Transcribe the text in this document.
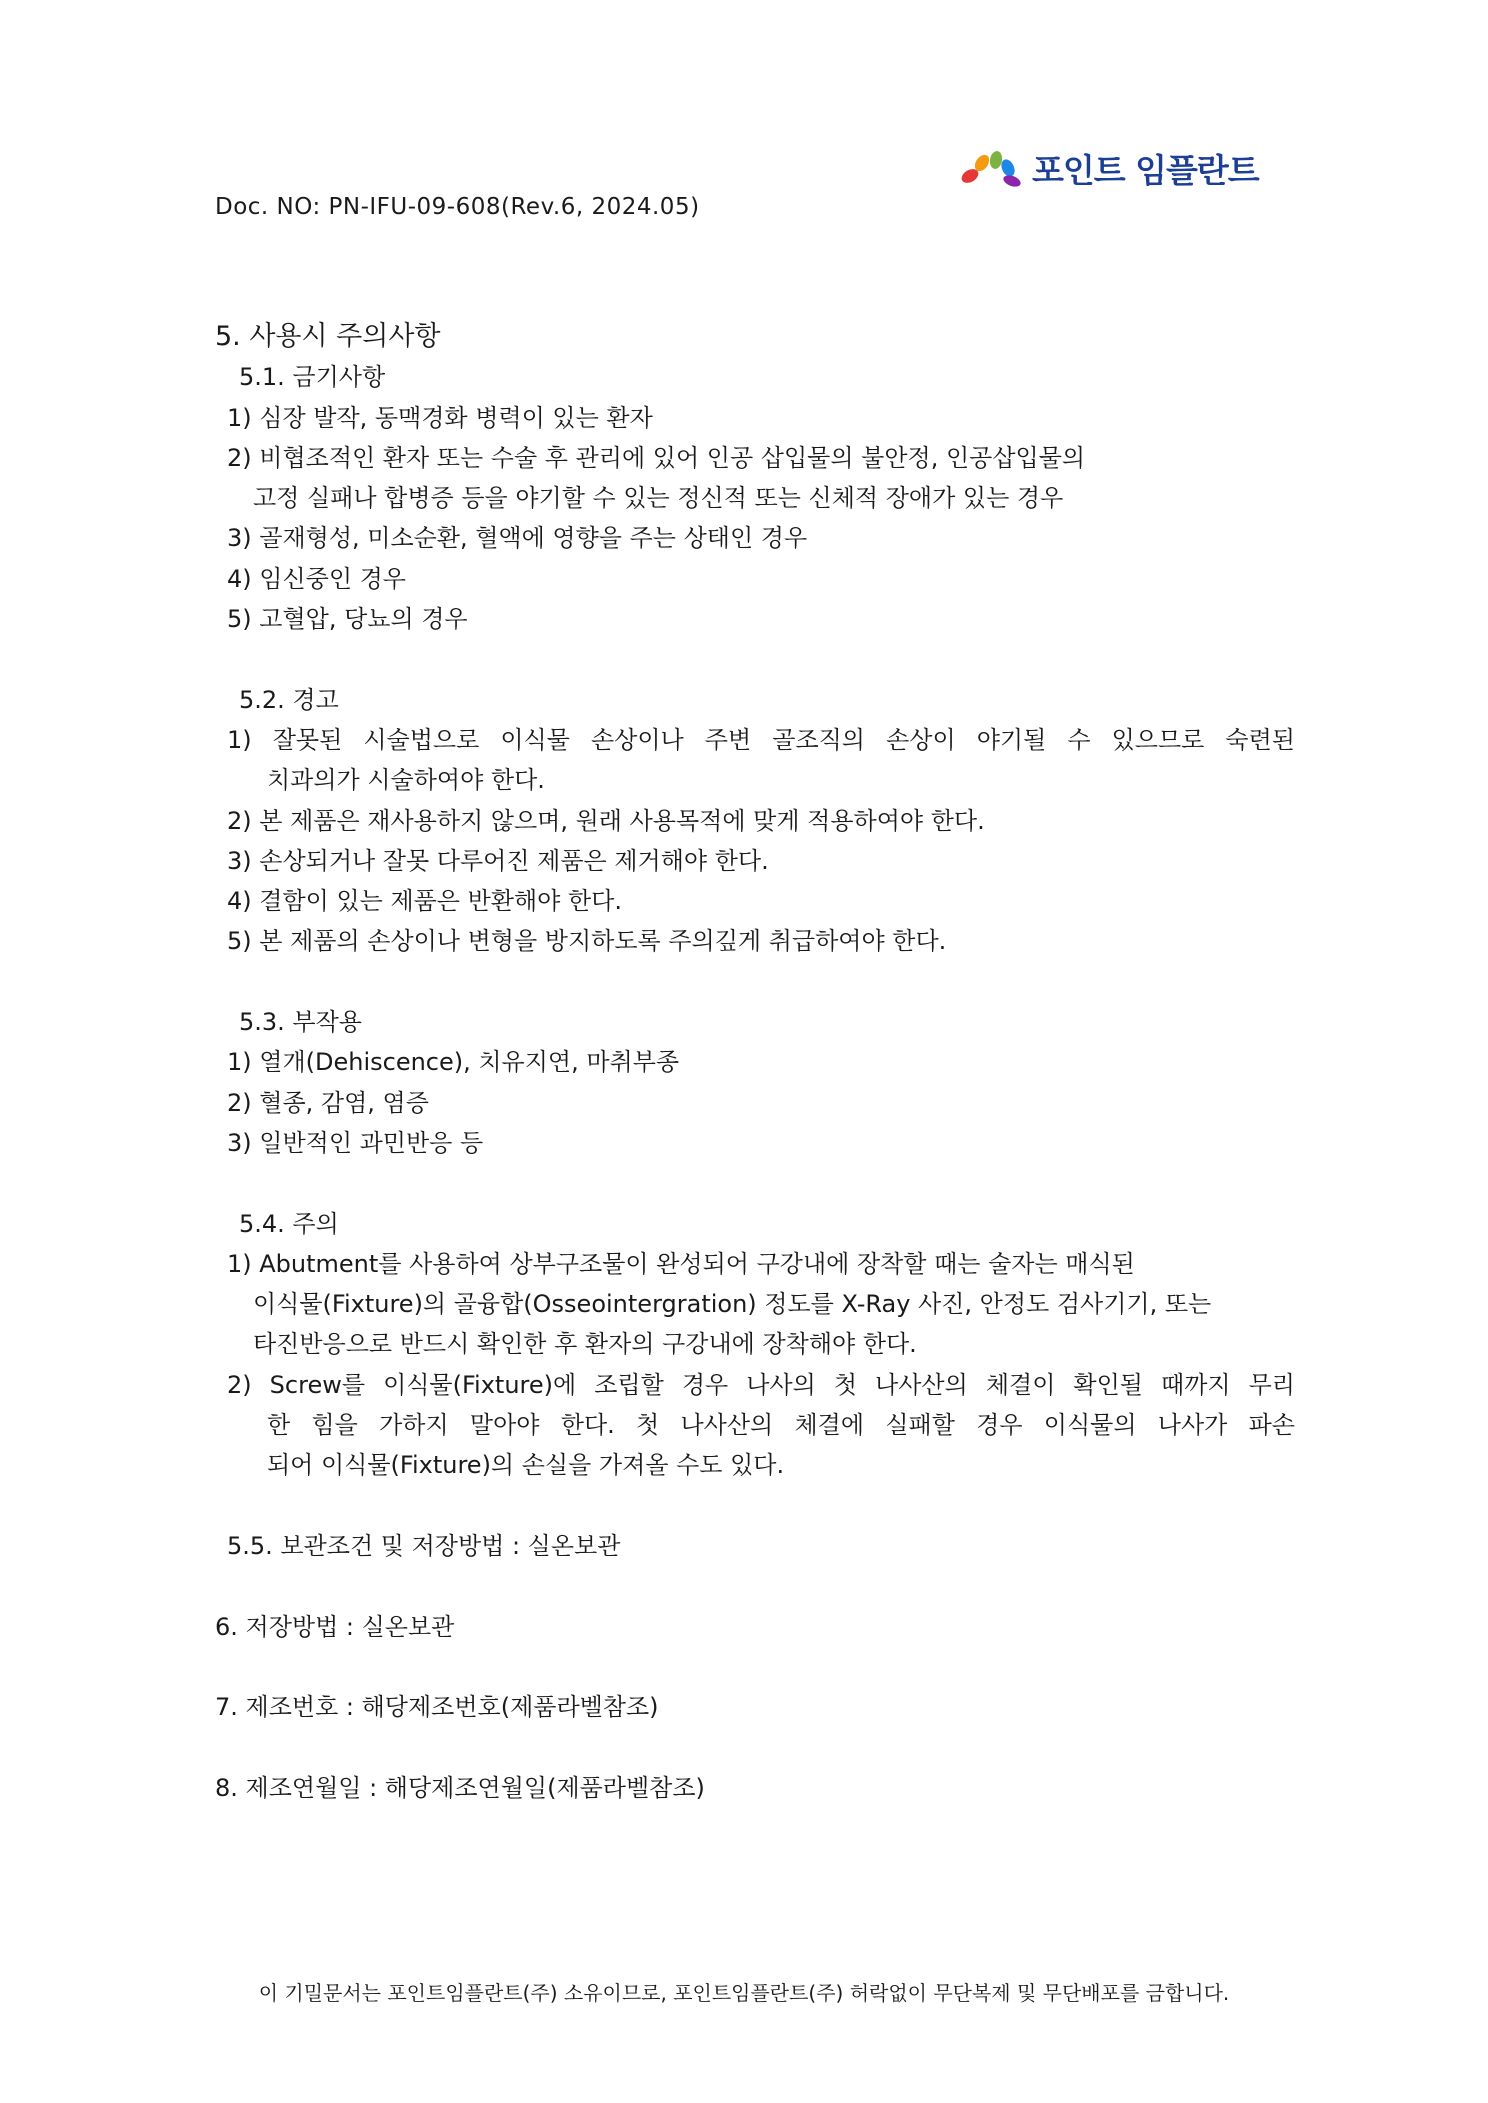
포인트 임플란트
Doc. NO: PN-IFU-09-608(Rev.6, 2024.05)
5. 사용시 주의사항
5.1. 금기사항
1) 심장 발작, 동맥경화 병력이 있는 환자
2) 비협조적인 환자 또는 수술 후 관리에 있어 인공 삽입물의 불안정, 인공삽입물의
고정 실패나 합병증 등을 야기할 수 있는 정신적 또는 신체적 장애가 있는 경우
3) 골재형성, 미소순환, 혈액에 영향을 주는 상태인 경우
4) 임신중인 경우
5) 고혈압, 당뇨의 경우
5.2. 경고
1) 잘못된 시술법으로 이식물 손상이나 주변 골조직의 손상이 야기될 수 있으므로 숙련된
치과의가 시술하여야 한다.
2) 본 제품은 재사용하지 않으며, 원래 사용목적에 맞게 적용하여야 한다.
3) 손상되거나 잘못 다루어진 제품은 제거해야 한다.
4) 결함이 있는 제품은 반환해야 한다.
5) 본 제품의 손상이나 변형을 방지하도록 주의깊게 취급하여야 한다.
5.3. 부작용
1) 열개(Dehiscence), 치유지연, 마취부종
2) 혈종, 감염, 염증
3) 일반적인 과민반응 등
5.4. 주의
1) Abutment를 사용하여 상부구조물이 완성되어 구강내에 장착할 때는 술자는 매식된
이식물(Fixture)의 골융합(Osseointergration) 정도를 X-Ray 사진, 안정도 검사기기, 또는
타진반응으로 반드시 확인한 후 환자의 구강내에 장착해야 한다.
2) Screw를 이식물(Fixture)에 조립할 경우 나사의 첫 나사산의 체결이 확인될 때까지 무리
한 힘을 가하지 말아야 한다. 첫 나사산의 체결에 실패할 경우 이식물의 나사가 파손
되어 이식물(Fixture)의 손실을 가져올 수도 있다.
5.5. 보관조건 및 저장방법 : 실온보관
6. 저장방법 : 실온보관
7. 제조번호 : 해당제조번호(제품라벨참조)
8. 제조연월일 : 해당제조연월일(제품라벨참조)
이 기밀문서는 포인트임플란트(주) 소유이므로, 포인트임플란트(주) 허락없이 무단복제 및 무단배포를 금합니다.
